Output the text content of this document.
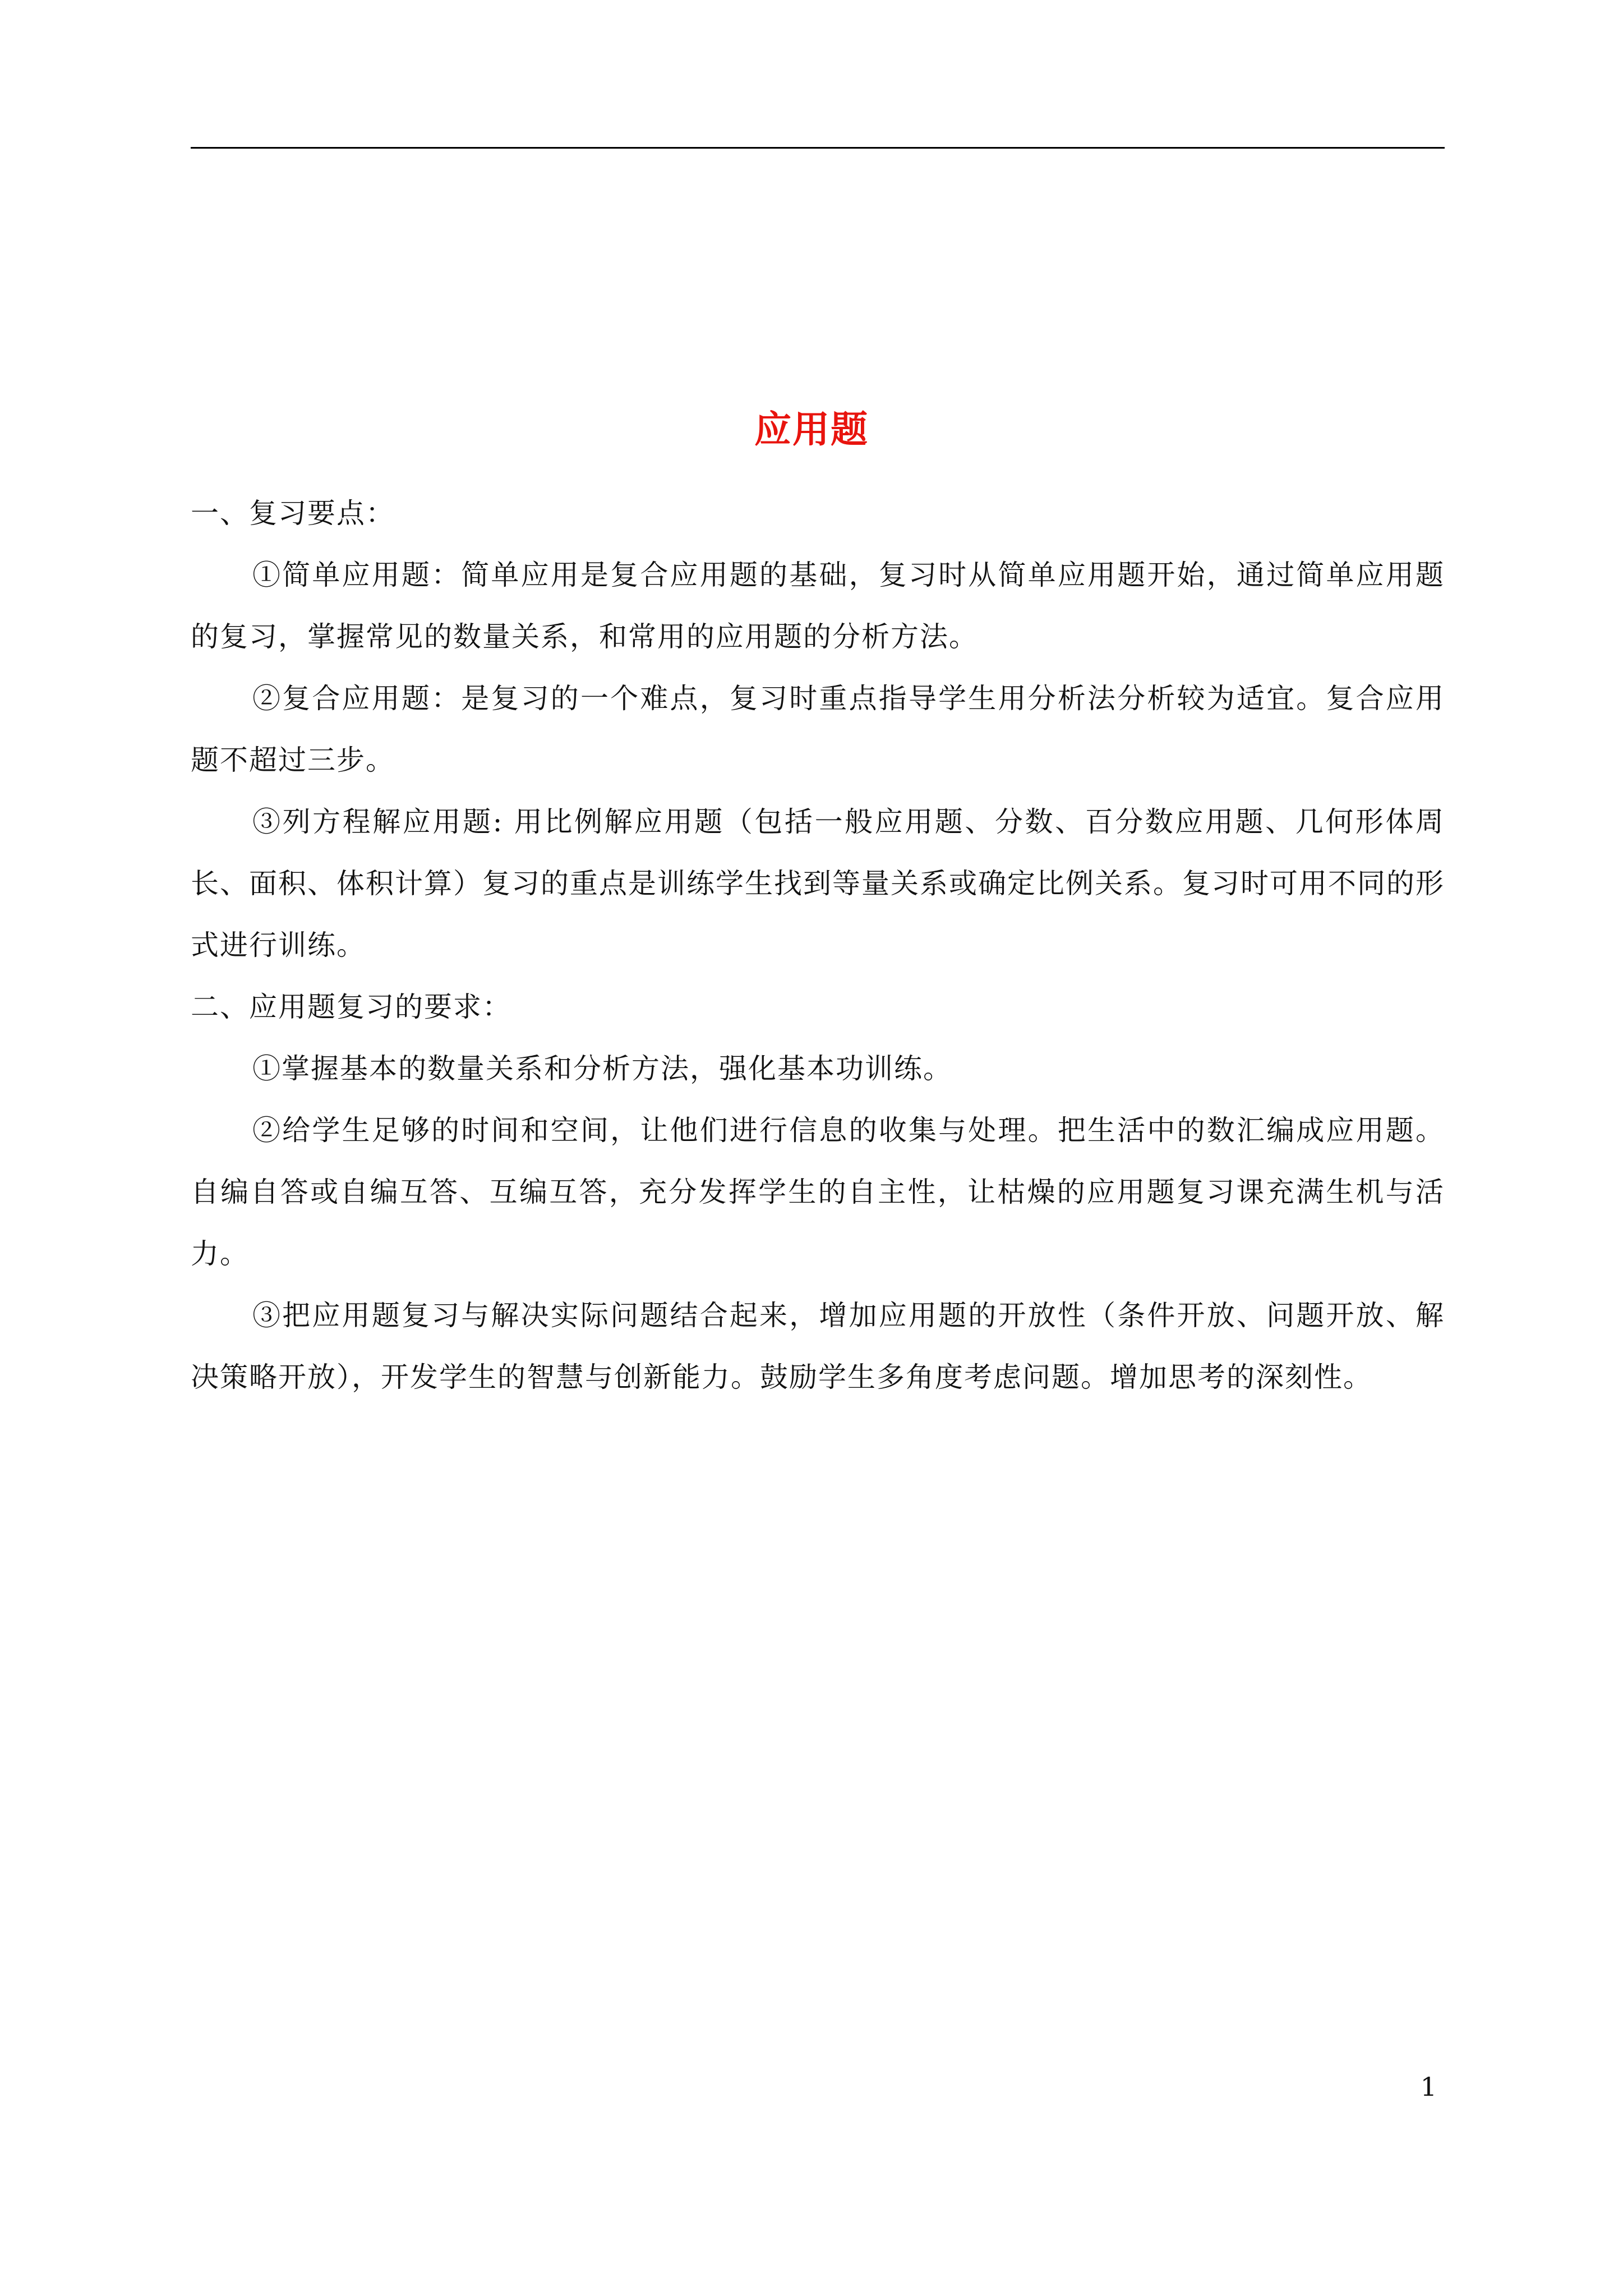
应用题

一、复习要点：

①简单应用题：简单应用是复合应用题的基础，复习时从简单应用题开始，通过简单应用题的复习，掌握常见的数量关系，和常用的应用题的分析方法。

②复合应用题：是复习的一个难点，复习时重点指导学生用分析法分析较为适宜。复合应用题不超过三步。

③列方程解应用题: 用比例解应用题（包括一般应用题、分数、百分数应用题、几何形体周长、面积、体积计算）复习的重点是训练学生找到等量关系或确定比例关系。复习时可用不同的形式进行训练。

二、应用题复习的要求：

①掌握基本的数量关系和分析方法，强化基本功训练。

②给学生足够的时间和空间，让他们进行信息的收集与处理。把生活中的数汇编成应用题。自编自答或自编互答、互编互答，充分发挥学生的自主性，让枯燥的应用题复习课充满生机与活力。

③把应用题复习与解决实际问题结合起来，增加应用题的开放性（条件开放、问题开放、解决策略开放），开发学生的智慧与创新能力。鼓励学生多角度考虑问题。增加思考的深刻性。

1
